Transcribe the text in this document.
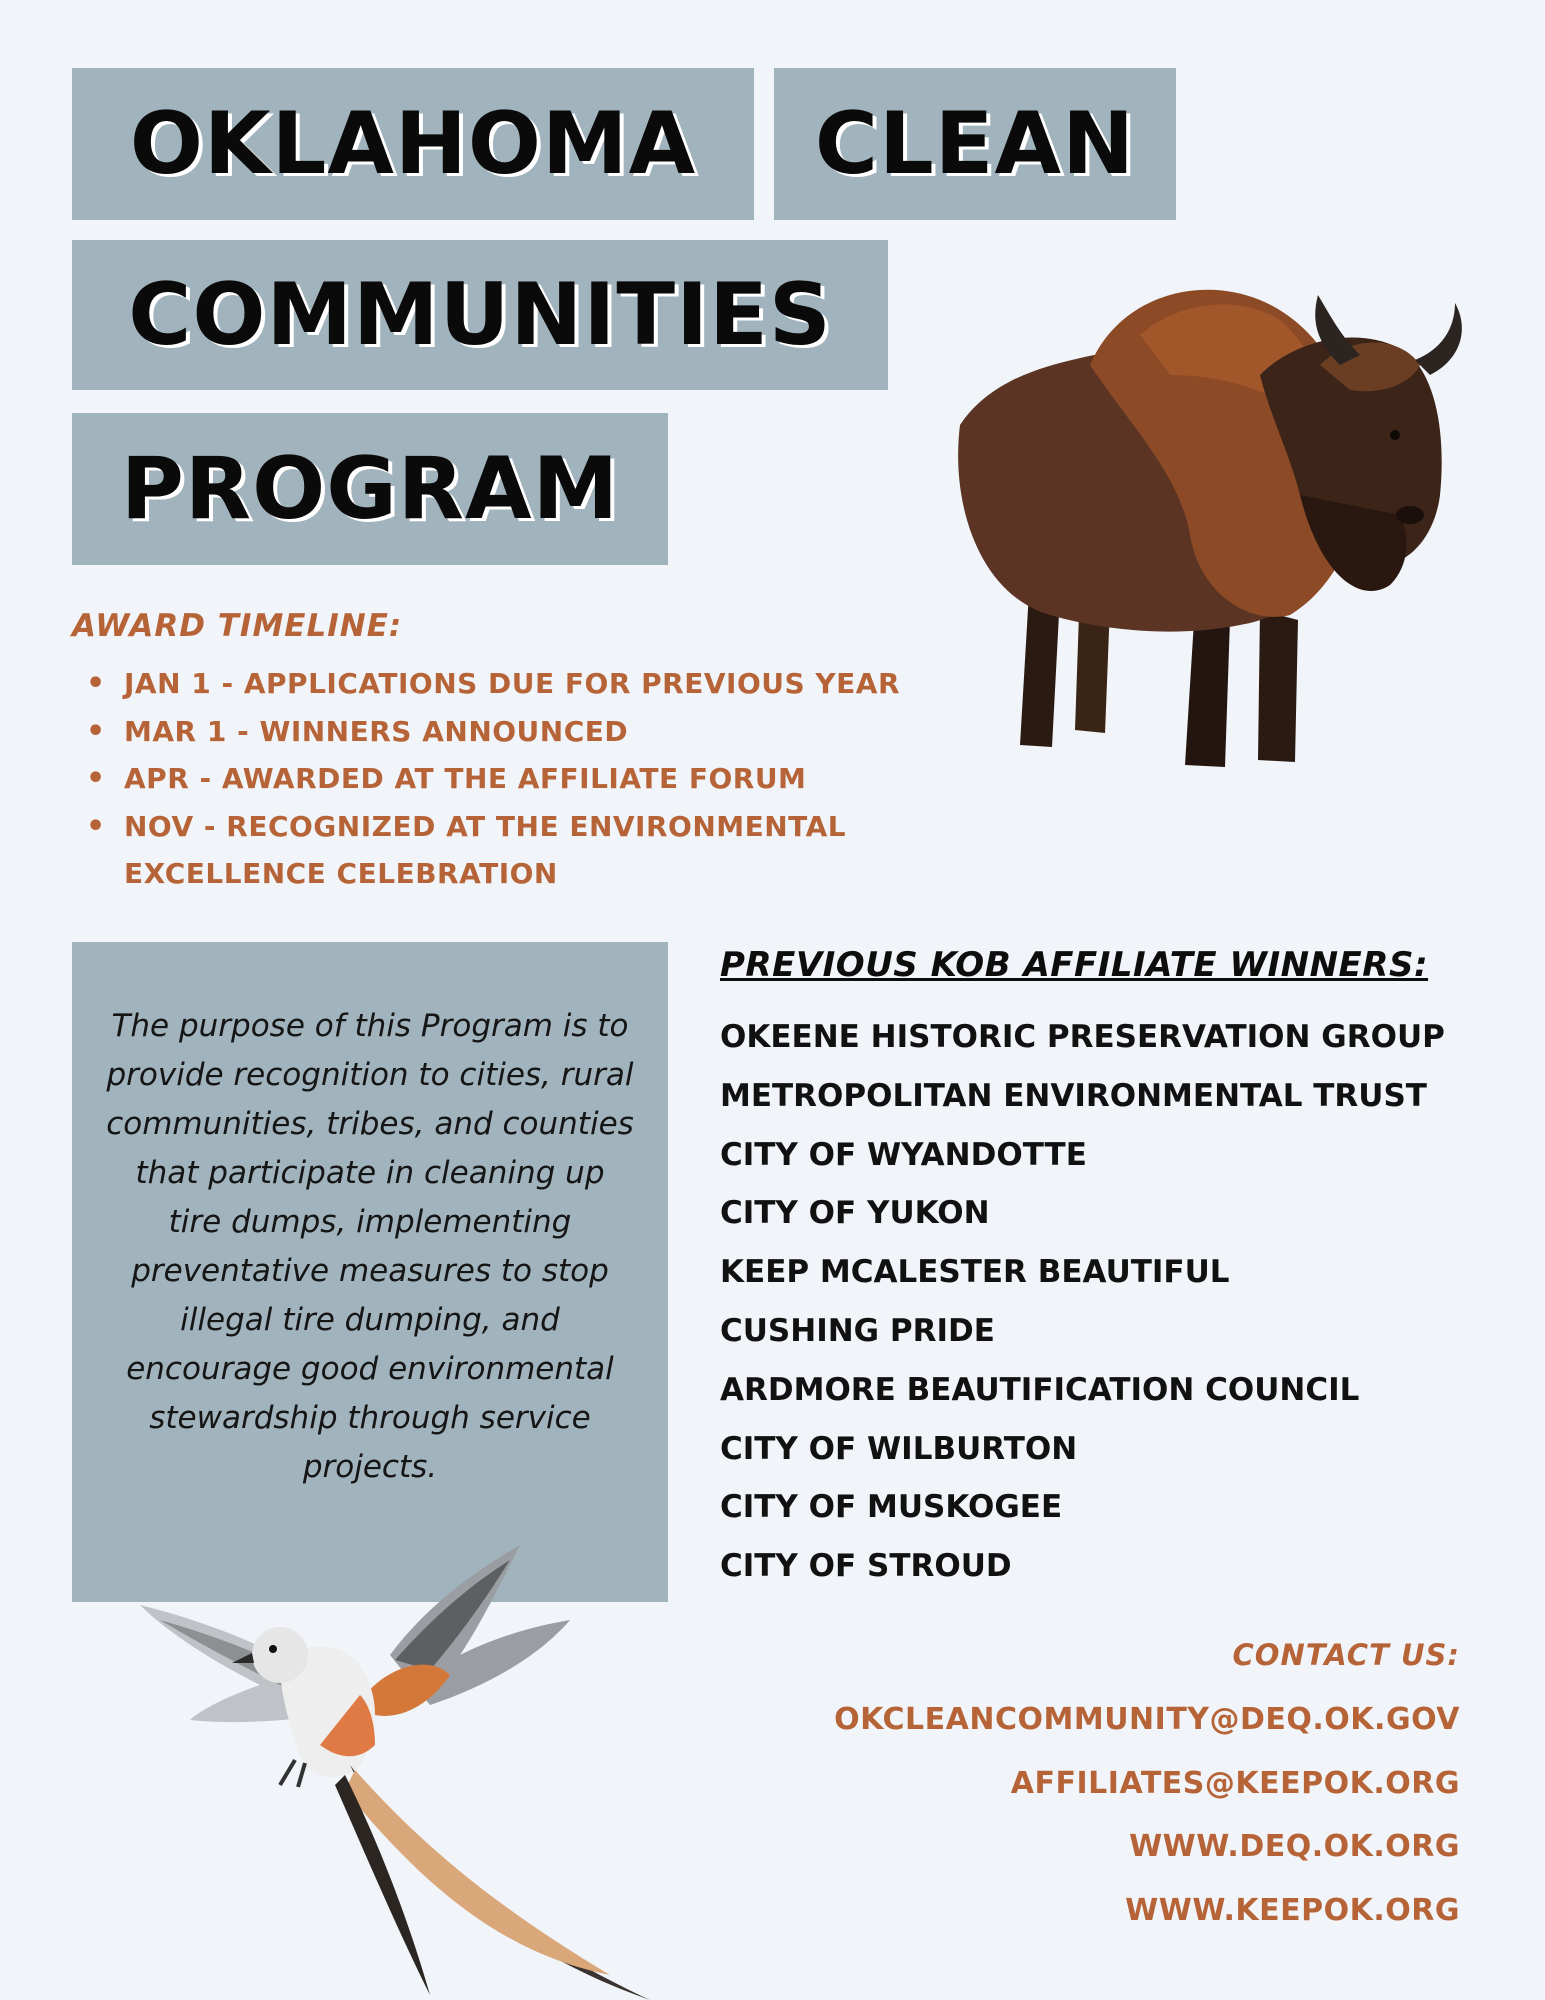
OKLAHOMA CLEAN
COMMUNITIES
PROGRAM
AWARD TIMELINE:
• JAN 1 - APPLICATIONS DUE FOR PREVIOUS YEAR
• MAR 1 - WINNERS ANNOUNCED
• APR - AWARDED AT THE AFFILIATE FORUM
• NOV - RECOGNIZED AT THE ENVIRONMENTAL EXCELLENCE CELEBRATION
The purpose of this Program is to provide recognition to cities, rural communities, tribes, and counties that participate in cleaning up tire dumps, implementing preventative measures to stop illegal tire dumping, and encourage good environmental stewardship through service projects.
PREVIOUS KOB AFFILIATE WINNERS:
OKEENE HISTORIC PRESERVATION GROUP
METROPOLITAN ENVIRONMENTAL TRUST
CITY OF WYANDOTTE
CITY OF YUKON
KEEP MCALESTER BEAUTIFUL
CUSHING PRIDE
ARDMORE BEAUTIFICATION COUNCIL
CITY OF WILBURTON
CITY OF MUSKOGEE
CITY OF STROUD
CONTACT US:
OKCLEANCOMMUNITY@DEQ.OK.GOV
AFFILIATES@KEEPOK.ORG
WWW.DEQ.OK.ORG
WWW.KEEPOK.ORG
